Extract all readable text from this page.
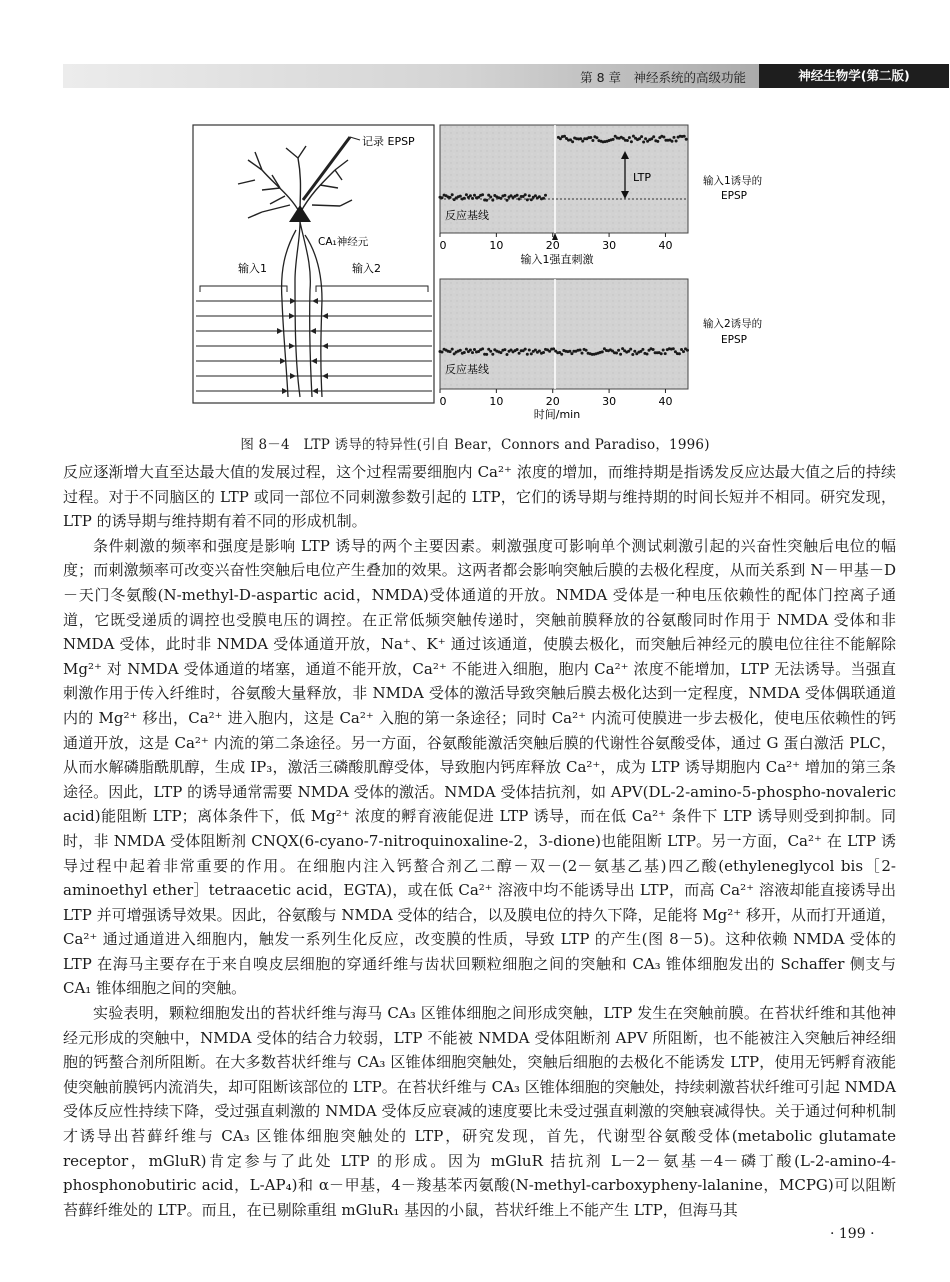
第 8 章　神经系统的高级功能	神经生物学(第二版)
记录 EPSP
CA₁神经元
输入1	输入2
LTP
反应基线
0	10	20	30	40
输入1强直刺激
输入1诱导的
EPSP
反应基线
0	10	20	30	40
时间/min
输入2诱导的
EPSP
图 8－4　LTP 诱导的特异性(引自 Bear，Connors and Paradiso，1996)

反应逐渐增大直至达最大值的发展过程，这个过程需要细胞内 Ca²⁺ 浓度的增加，而维持期是指诱发反应达最大值之后的持续过程。对于不同脑区的 LTP 或同一部位不同刺激参数引起的 LTP，它们的诱导期与维持期的时间长短并不相同。研究发现，LTP 的诱导期与维持期有着不同的形成机制。

条件刺激的频率和强度是影响 LTP 诱导的两个主要因素。刺激强度可影响单个测试刺激引起的兴奋性突触后电位的幅度；而刺激频率可改变兴奋性突触后电位产生叠加的效果。这两者都会影响突触后膜的去极化程度，从而关系到 N－甲基－D－天门冬氨酸(N-methyl-D-aspartic acid，NMDA)受体通道的开放。NMDA 受体是一种电压依赖性的配体门控离子通道，它既受递质的调控也受膜电压的调控。在正常低频突触传递时，突触前膜释放的谷氨酸同时作用于 NMDA 受体和非 NMDA 受体，此时非 NMDA 受体通道开放，Na⁺、K⁺ 通过该通道，使膜去极化，而突触后神经元的膜电位往往不能解除 Mg²⁺ 对 NMDA 受体通道的堵塞，通道不能开放，Ca²⁺ 不能进入细胞，胞内 Ca²⁺ 浓度不能增加，LTP 无法诱导。当强直刺激作用于传入纤维时，谷氨酸大量释放，非 NMDA 受体的激活导致突触后膜去极化达到一定程度，NMDA 受体偶联通道内的 Mg²⁺ 移出，Ca²⁺ 进入胞内，这是 Ca²⁺ 入胞的第一条途径；同时 Ca²⁺ 内流可使膜进一步去极化，使电压依赖性的钙通道开放，这是 Ca²⁺ 内流的第二条途径。另一方面，谷氨酸能激活突触后膜的代谢性谷氨酸受体，通过 G 蛋白激活 PLC，从而水解磷脂酰肌醇，生成 IP₃，激活三磷酸肌醇受体，导致胞内钙库释放 Ca²⁺，成为 LTP 诱导期胞内 Ca²⁺ 增加的第三条途径。因此，LTP 的诱导通常需要 NMDA 受体的激活。NMDA 受体拮抗剂，如 APV(DL-2-amino-5-phospho-novaleric acid)能阻断 LTP；离体条件下，低 Mg²⁺ 浓度的孵育液能促进 LTP 诱导，而在低 Ca²⁺ 条件下 LTP 诱导则受到抑制。同时，非 NMDA 受体阻断剂 CNQX(6-cyano-7-nitroquinoxaline-2，3-dione)也能阻断 LTP。另一方面，Ca²⁺ 在 LTP 诱导过程中起着非常重要的作用。在细胞内注入钙螯合剂乙二醇－双－(2－氨基乙基)四乙酸(ethyleneglycol bis［2-aminoethyl ether］tetraacetic acid，EGTA)，或在低 Ca²⁺ 溶液中均不能诱导出 LTP，而高 Ca²⁺ 溶液却能直接诱导出 LTP 并可增强诱导效果。因此，谷氨酸与 NMDA 受体的结合，以及膜电位的持久下降，足能将 Mg²⁺ 移开，从而打开通道，Ca²⁺ 通过通道进入细胞内，触发一系列生化反应，改变膜的性质，导致 LTP 的产生(图 8－5)。这种依赖 NMDA 受体的 LTP 在海马主要存在于来自嗅皮层细胞的穿通纤维与齿状回颗粒细胞之间的突触和 CA₃ 锥体细胞发出的 Schaffer 侧支与 CA₁ 锥体细胞之间的突触。

实验表明，颗粒细胞发出的苔状纤维与海马 CA₃ 区锥体细胞之间形成突触，LTP 发生在突触前膜。在苔状纤维和其他神经元形成的突触中，NMDA 受体的结合力较弱，LTP 不能被 NMDA 受体阻断剂 APV 所阻断，也不能被注入突触后神经细胞的钙螯合剂所阻断。在大多数苔状纤维与 CA₃ 区锥体细胞突触处，突触后细胞的去极化不能诱发 LTP，使用无钙孵育液能使突触前膜钙内流消失，却可阻断该部位的 LTP。在苔状纤维与 CA₃ 区锥体细胞的突触处，持续刺激苔状纤维可引起 NMDA 受体反应性持续下降，受过强直刺激的 NMDA 受体反应衰减的速度要比未受过强直刺激的突触衰减得快。关于通过何种机制才诱导出苔藓纤维与 CA₃ 区锥体细胞突触处的 LTP，研究发现，首先，代谢型谷氨酸受体(metabolic glutamate receptor，mGluR)肯定参与了此处 LTP 的形成。因为 mGluR 拮抗剂 L－2－氨基－4－磷丁酸(L-2-amino-4-phosphonobutiric acid，L-AP₄)和 α－甲基，4－羧基苯丙氨酸(N-methyl-carboxypheny-lalanine，MCPG)可以阻断苔藓纤维处的 LTP。而且，在已剔除重组 mGluR₁ 基因的小鼠，苔状纤维上不能产生 LTP，但海马其

· 199 ·
